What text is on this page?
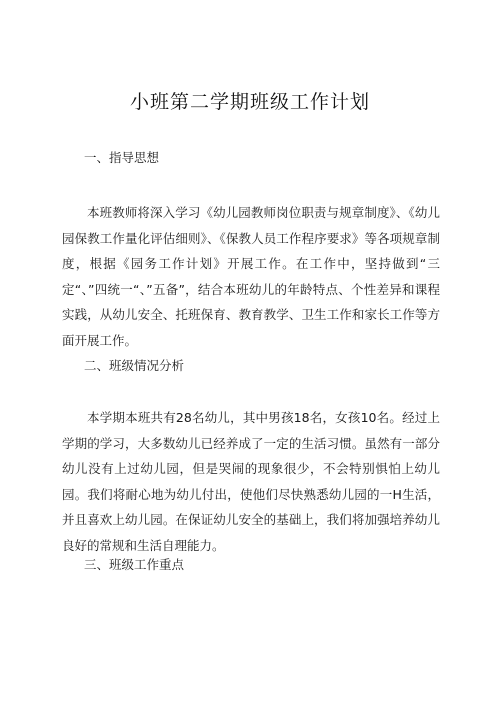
小班第二学期班级工作计划
一、指导思想
本班教师将深入学习《幼儿园教师岗位职责与规章制度》、《幼儿园保教工作量化评估细则》、《保教人员工作程序要求》等各项规章制度，根据《园务工作计划》开展工作。在工作中，坚持做到“三定“、”四统一“、”五备”，结合本班幼儿的年龄特点、个性差异和课程实践，从幼儿安全、托班保育、教育教学、卫生工作和家长工作等方面开展工作。
二、班级情况分析
本学期本班共有28名幼儿，其中男孩18名，女孩10名。经过上学期的学习，大多数幼儿已经养成了一定的生活习惯。虽然有一部分幼儿没有上过幼儿园，但是哭闹的现象很少，不会特别惧怕上幼儿园。我们将耐心地为幼儿付出，使他们尽快熟悉幼儿园的一H生活，并且喜欢上幼儿园。在保证幼儿安全的基础上，我们将加强培养幼儿良好的常规和生活自理能力。
三、班级工作重点
